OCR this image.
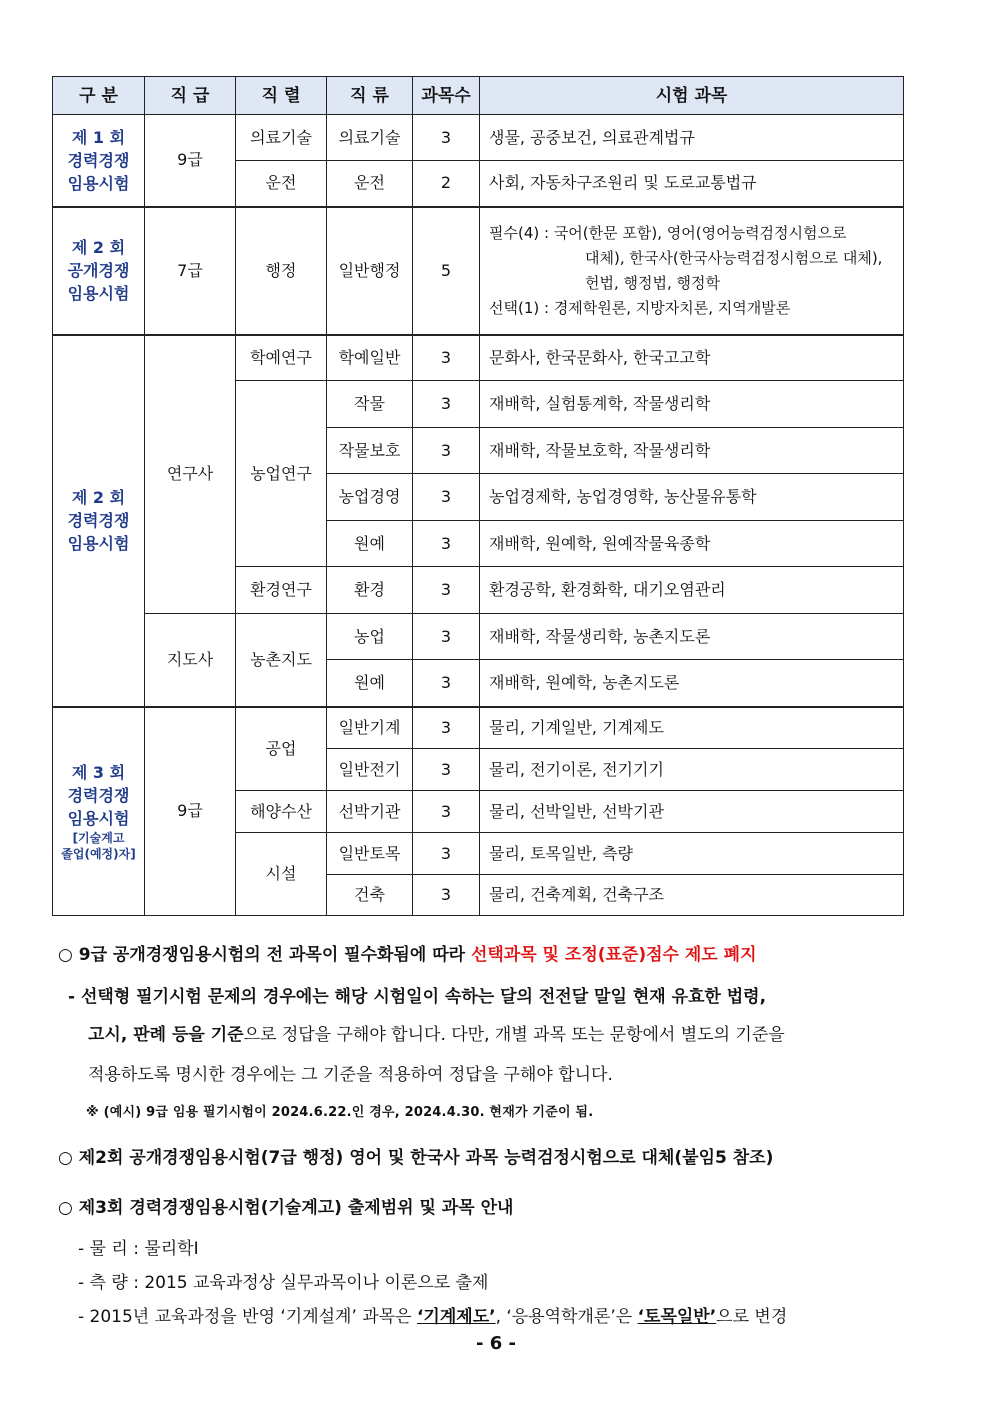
구 분	직 급	직 렬	직 류	과목수	시험 과목

제 1 회
경력경쟁
임용시험	9급	의료기술	의료기술	3	생물, 공중보건, 의료관계법규
		운전	운전	2	사회, 자동차구조원리 및 도로교통법규

제 2 회
공개경쟁
임용시험	7급	행정	일반행정	5	필수(4) : 국어(한문 포함), 영어(영어능력검정시험으로
대체), 한국사(한국사능력검정시험으로 대체),
헌법, 행정법, 행정학
선택(1) : 경제학원론, 지방자치론, 지역개발론

제 2 회
경력경쟁
임용시험	연구사	학예연구	학예일반	3	문화사, 한국문화사, 한국고고학
		농업연구	작물	3	재배학, 실험통계학, 작물생리학
			작물보호	3	재배학, 작물보호학, 작물생리학
			농업경영	3	농업경제학, 농업경영학, 농산물유통학
			원예	3	재배학, 원예학, 원예작물육종학
		환경연구	환경	3	환경공학, 환경화학, 대기오염관리
	지도사	농촌지도	농업	3	재배학, 작물생리학, 농촌지도론
			원예	3	재배학, 원예학, 농촌지도론

제 3 회
경력경쟁
임용시험
[기술계고
졸업(예정)자]	9급	공업	일반기계	3	물리, 기계일반, 기계제도
			일반전기	3	물리, 전기이론, 전기기기
		해양수산	선박기관	3	물리, 선박일반, 선박기관
		시설	일반토목	3	물리, 토목일반, 측량
			건축	3	물리, 건축계획, 건축구조
○ 9급 공개경쟁임용시험의 전 과목이 필수화됨에 따라 선택과목 및 조정(표준)점수 제도 폐지
- 선택형 필기시험 문제의 경우에는 해당 시험일이 속하는 달의 전전달 말일 현재 유효한 법령,
고시, 판례 등을 기준으로 정답을 구해야 합니다. 다만, 개별 과목 또는 문항에서 별도의 기준을
적용하도록 명시한 경우에는 그 기준을 적용하여 정답을 구해야 합니다.
※ (예시) 9급 임용 필기시험이 2024.6.22.인 경우, 2024.4.30. 현재가 기준이 됨.
○ 제2회 공개경쟁임용시험(7급 행정) 영어 및 한국사 과목 능력검정시험으로 대체(붙임5 참조)
○ 제3회 경력경쟁임용시험(기술계고) 출제범위 및 과목 안내
- 물 리 : 물리학Ⅰ
- 측 량 : 2015 교육과정상 실무과목이나 이론으로 출제
- 2015년 교육과정을 반영 ‘기계설계’ 과목은 ‘기계제도’, ‘응용역학개론’은 ‘토목일반’으로 변경
- 6 -
